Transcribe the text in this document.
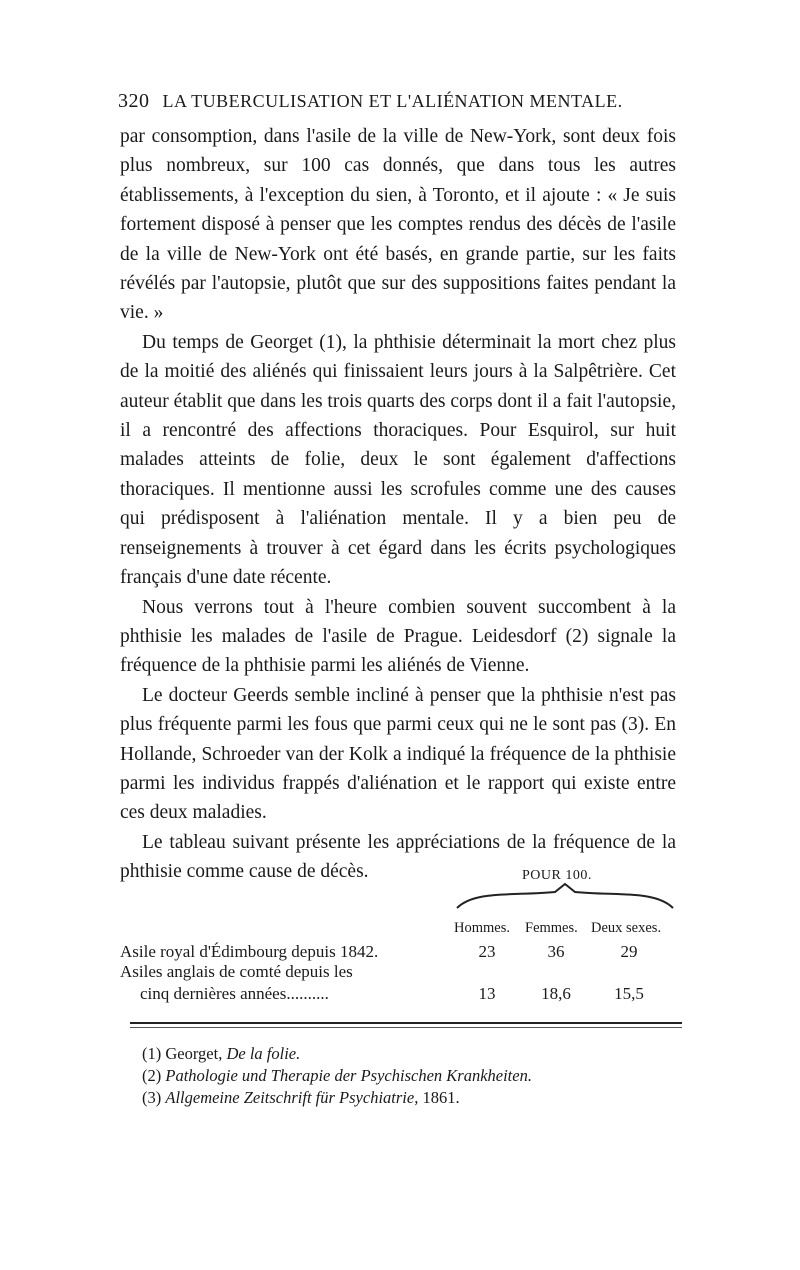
320 LA TUBERCULISATION ET L'ALIÉNATION MENTALE.

par consomption, dans l'asile de la ville de New-York, sont deux fois plus nombreux, sur 100 cas donnés, que dans tous les autres établissements, à l'exception du sien, à Toronto, et il ajoute : « Je suis fortement disposé à penser que les comptes rendus des décès de l'asile de la ville de New-York ont été basés, en grande partie, sur les faits révélés par l'autopsie, plutôt que sur des suppositions faites pendant la vie. »

Du temps de Georget (1), la phthisie déterminait la mort chez plus de la moitié des aliénés qui finissaient leurs jours à la Salpêtrière. Cet auteur établit que dans les trois quarts des corps dont il a fait l'autopsie, il a rencontré des affections thoraciques. Pour Esquirol, sur huit malades atteints de folie, deux le sont également d'affections thoraciques. Il mentionne aussi les scrofules comme une des causes qui prédisposent à l'aliénation mentale. Il y a bien peu de renseignements à trouver à cet égard dans les écrits psychologiques français d'une date récente.

Nous verrons tout à l'heure combien souvent succombent à la phthisie les malades de l'asile de Prague. Leidesdorf (2) signale la fréquence de la phthisie parmi les aliénés de Vienne.

Le docteur Geerds semble incliné à penser que la phthisie n'est pas plus fréquente parmi les fous que parmi ceux qui ne le sont pas (3). En Hollande, Schroeder van der Kolk a indiqué la fréquence de la phthisie parmi les individus frappés d'aliénation et le rapport qui existe entre ces deux maladies.

Le tableau suivant présente les appréciations de la fréquence de la phthisie comme cause de décès.	POUR 100.
Hommes. Femmes. Deux sexes.
Asile royal d'Édimbourg depuis 1842.	23	36	29
Asiles anglais de comté depuis les
cinq dernières années..........	13	18,6	15,5
(1) Georget, De la folie.
(2) Pathologie und Therapie der Psychischen Krankheiten.
(3) Allgemeine Zeitschrift für Psychiatrie, 1861.
